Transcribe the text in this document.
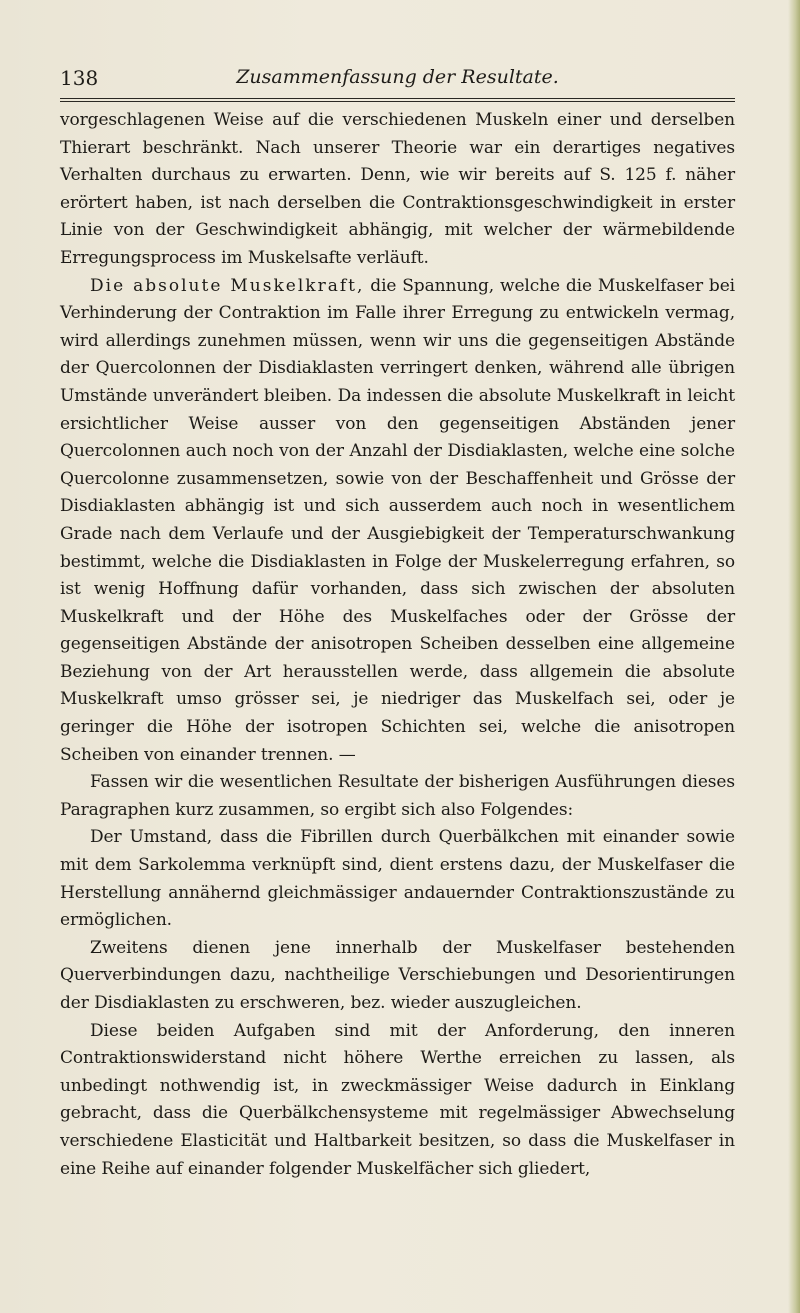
138	Zusammenfassung der Resultate.

vorgeschlagenen Weise auf die verschiedenen Muskeln einer und derselben Thierart beschränkt. Nach unserer Theorie war ein derartiges negatives Verhalten durchaus zu erwarten. Denn, wie wir bereits auf S. 125 f. näher erörtert haben, ist nach derselben die Contraktionsgeschwindigkeit in erster Linie von der Geschwindigkeit abhängig, mit welcher der wärmebildende Erregungsprocess im Muskelsafte verläuft.

Die absolute Muskelkraft, die Spannung, welche die Muskelfaser bei Verhinderung der Contraktion im Falle ihrer Erregung zu entwickeln vermag, wird allerdings zunehmen müssen, wenn wir uns die gegenseitigen Abstände der Quercolonnen der Disdiaklasten verringert denken, während alle übrigen Umstände unverändert bleiben. Da indessen die absolute Muskelkraft in leicht ersichtlicher Weise ausser von den gegenseitigen Abständen jener Quercolonnen auch noch von der Anzahl der Disdiaklasten, welche eine solche Quercolonne zusammensetzen, sowie von der Beschaffenheit und Grösse der Disdiaklasten abhängig ist und sich ausserdem auch noch in wesentlichem Grade nach dem Verlaufe und der Ausgiebigkeit der Temperaturschwankung bestimmt, welche die Disdiaklasten in Folge der Muskelerregung erfahren, so ist wenig Hoffnung dafür vorhanden, dass sich zwischen der absoluten Muskelkraft und der Höhe des Muskelfaches oder der Grösse der gegenseitigen Abstände der anisotropen Scheiben desselben eine allgemeine Beziehung von der Art herausstellen werde, dass allgemein die absolute Muskelkraft umso grösser sei, je niedriger das Muskelfach sei, oder je geringer die Höhe der isotropen Schichten sei, welche die anisotropen Scheiben von einander trennen. —

Fassen wir die wesentlichen Resultate der bisherigen Ausführungen dieses Paragraphen kurz zusammen, so ergibt sich also Folgendes:

Der Umstand, dass die Fibrillen durch Querbälkchen mit einander sowie mit dem Sarkolemma verknüpft sind, dient erstens dazu, der Muskelfaser die Herstellung annähernd gleichmässiger andauernder Contraktionszustände zu ermöglichen.

Zweitens dienen jene innerhalb der Muskelfaser bestehenden Querverbindungen dazu, nachtheilige Verschiebungen und Desorientirungen der Disdiaklasten zu erschweren, bez. wieder auszugleichen.

Diese beiden Aufgaben sind mit der Anforderung, den inneren Contraktionswiderstand nicht höhere Werthe erreichen zu lassen, als unbedingt nothwendig ist, in zweckmässiger Weise dadurch in Einklang gebracht, dass die Querbälkchensysteme mit regelmässiger Abwechselung verschiedene Elasticität und Haltbarkeit besitzen, so dass die Muskelfaser in eine Reihe auf einander folgender Muskelfächer sich gliedert,
